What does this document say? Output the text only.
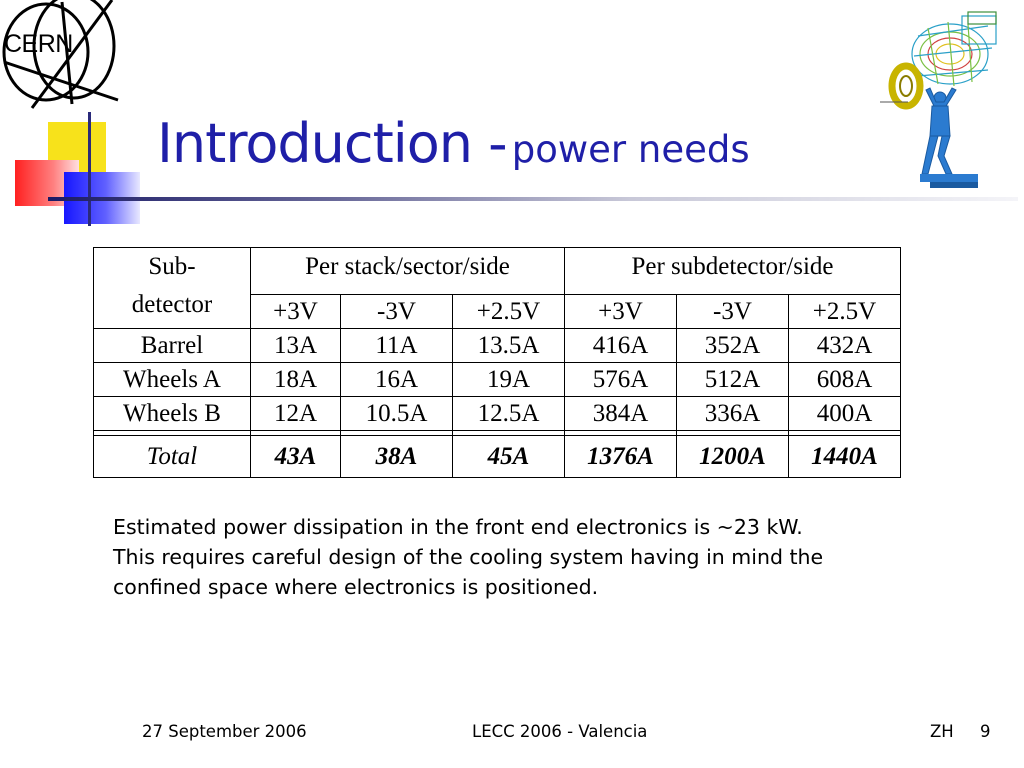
CERN
Introduction - power needs
Sub-
detector	Per stack/sector/side			Per subdetector/side		
	+3V	-3V	+2.5V	+3V	-3V	+2.5V
Barrel	13A	11A	13.5A	416A	352A	432A
Wheels A	18A	16A	19A	576A	512A	608A
Wheels B	12A	10.5A	12.5A	384A	336A	400A

Total	43A	38A	45A	1376A	1200A	1440A

Estimated power dissipation in the front end electronics is ~23 kW.

This requires careful design of the cooling system having in mind the

confined space where electronics is positioned.

27 September 2006	LECC 2006 - Valencia	ZH 9
